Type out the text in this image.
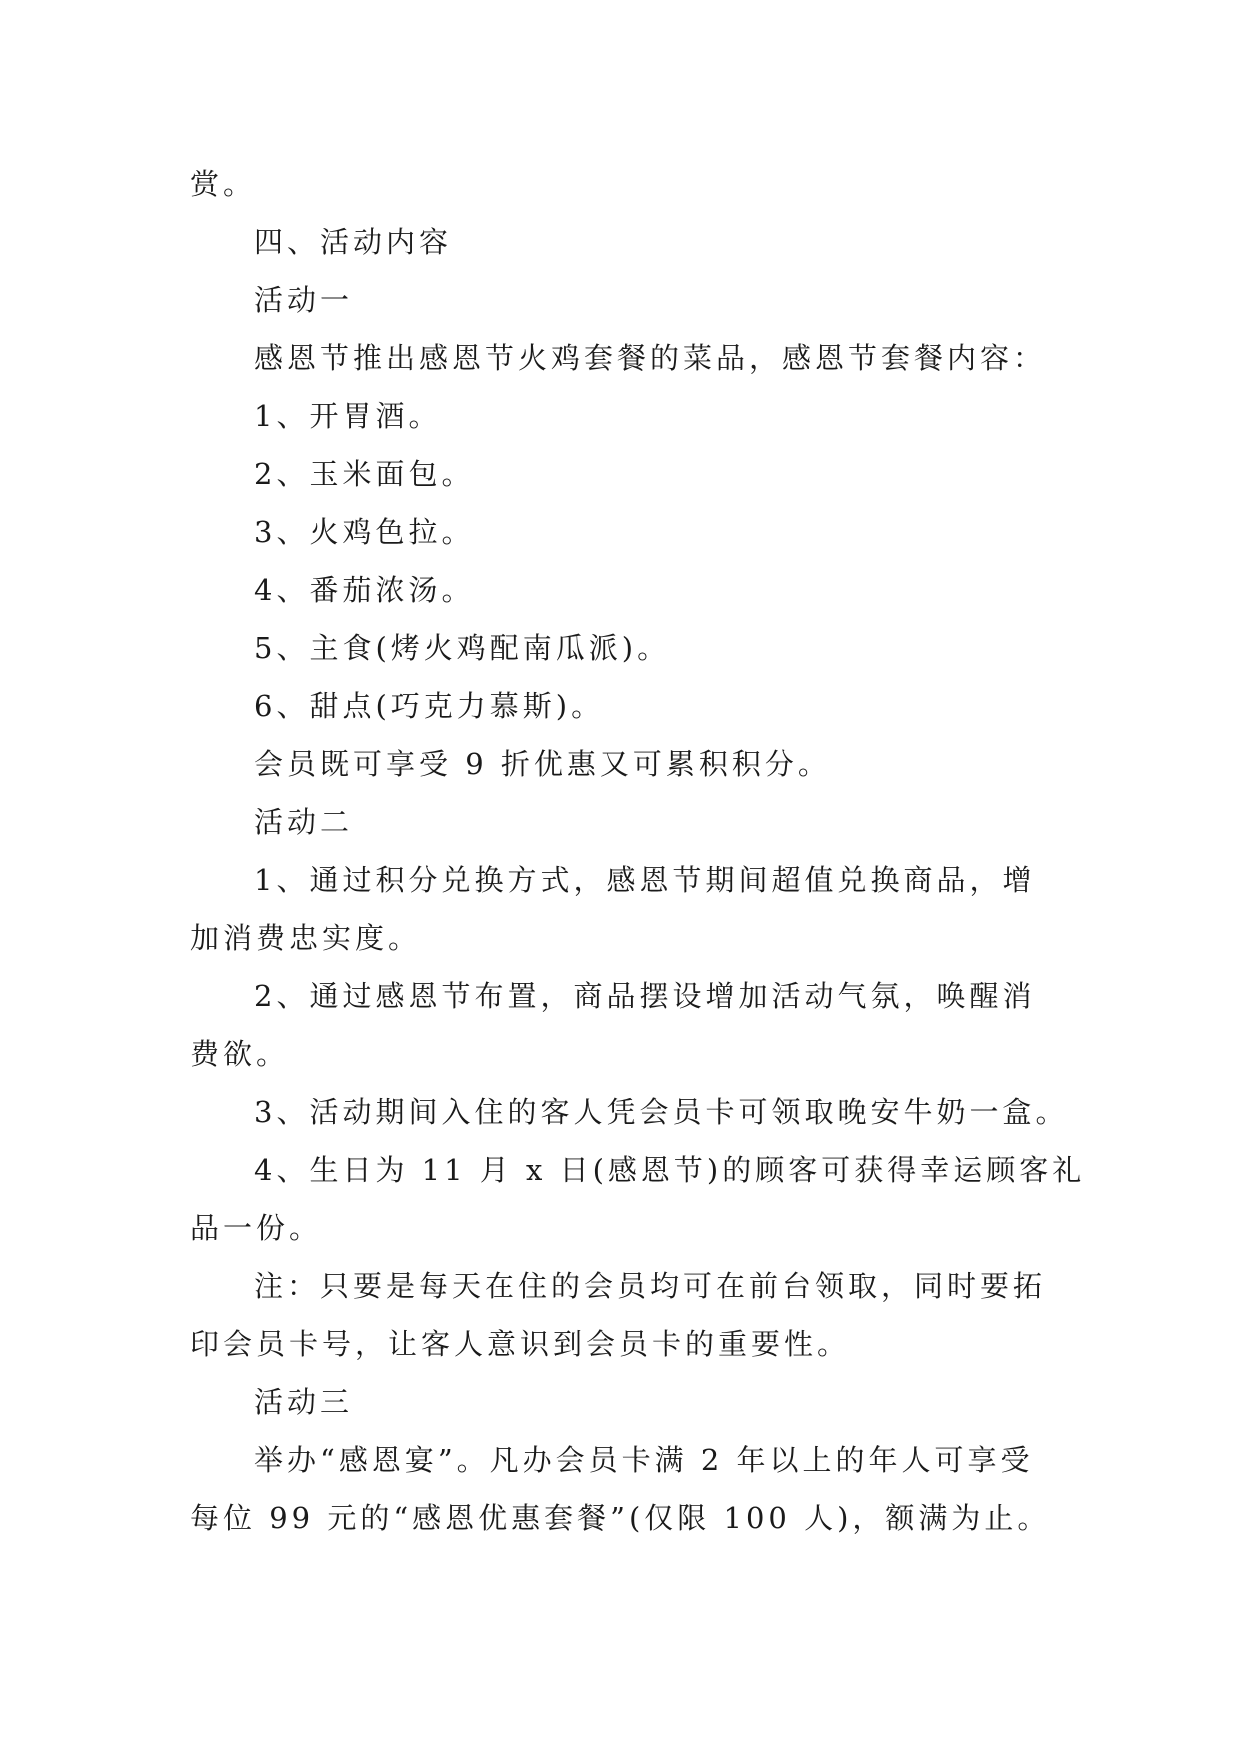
赏。
四、活动内容
活动一
感恩节推出感恩节火鸡套餐的菜品，感恩节套餐内容：
1、开胃酒。
2、玉米面包。
3、火鸡色拉。
4、番茄浓汤。
5、主食(烤火鸡配南瓜派)。
6、甜点(巧克力慕斯)。
会员既可享受 9 折优惠又可累积积分。
活动二
1、通过积分兑换方式，感恩节期间超值兑换商品，增
加消费忠实度。
2、通过感恩节布置，商品摆设增加活动气氛，唤醒消
费欲。
3、活动期间入住的客人凭会员卡可领取晚安牛奶一盒。
4、生日为 11 月 x 日(感恩节)的顾客可获得幸运顾客礼
品一份。
注：只要是每天在住的会员均可在前台领取，同时要拓
印会员卡号，让客人意识到会员卡的重要性。
活动三
举办“感恩宴”。凡办会员卡满 2 年以上的年人可享受
每位 99 元的“感恩优惠套餐”(仅限 100 人)，额满为止。
